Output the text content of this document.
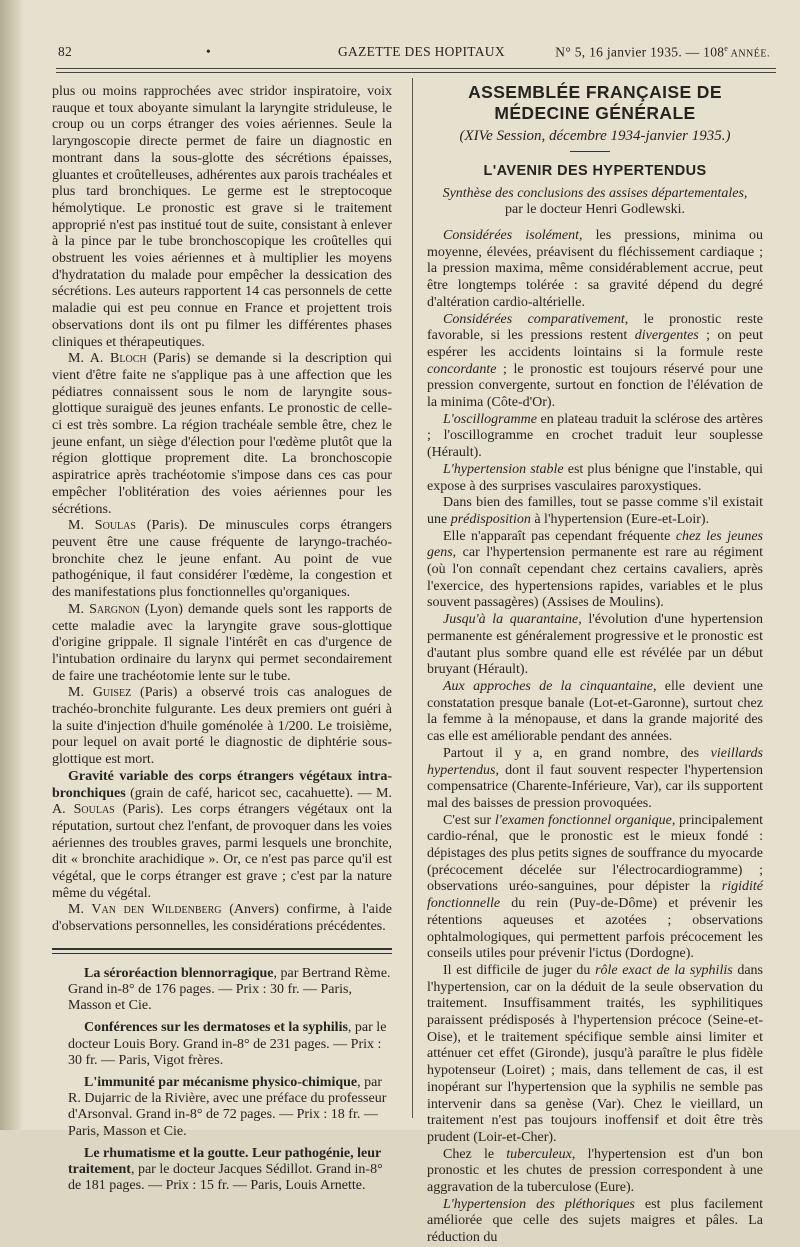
82	•	GAZETTE DES HOPITAUX	N° 5, 16 janvier 1935. — 108e ANNÉE.

plus ou moins rapprochées avec stridor inspiratoire, voix rauque et toux aboyante simulant la laryngite striduleuse, le croup ou un corps étranger des voies aériennes. Seule la laryngoscopie directe permet de faire un diagnostic en montrant dans la sous-glotte des sécrétions épaisses, gluantes et croûtelleuses, adhérentes aux parois trachéales et plus tard bronchiques. Le germe est le streptocoque hémolytique. Le pronostic est grave si le traitement approprié n'est pas institué tout de suite, consistant à enlever à la pince par le tube bronchoscopique les croûtelles qui obstruent les voies aériennes et à multiplier les moyens d'hydratation du malade pour empêcher la dessication des sécrétions. Les auteurs rapportent 14 cas personnels de cette maladie qui est peu connue en France et projettent trois observations dont ils ont pu filmer les différentes phases cliniques et thérapeutiques.

M. A. Bloch (Paris) se demande si la description qui vient d'être faite ne s'applique pas à une affection que les pédiatres connaissent sous le nom de laryngite sous-glottique suraiguë des jeunes enfants. Le pronostic de celle-ci est très sombre. La région trachéale semble être, chez le jeune enfant, un siège d'élection pour l'œdème plutôt que la région glottique proprement dite. La bronchoscopie aspiratrice après trachéotomie s'impose dans ces cas pour empêcher l'oblitération des voies aériennes pour les sécrétions.

M. Soulas (Paris). De minuscules corps étrangers peuvent être une cause fréquente de laryngo-trachéo-bronchite chez le jeune enfant. Au point de vue pathogénique, il faut considérer l'œdème, la congestion et des manifestations plus fonctionnelles qu'organiques.

M. Sargnon (Lyon) demande quels sont les rapports de cette maladie avec la laryngite grave sous-glottique d'origine grippale. Il signale l'intérêt en cas d'urgence de l'intubation ordinaire du larynx qui permet secondairement de faire une trachéotomie lente sur le tube.

M. Guisez (Paris) a observé trois cas analogues de trachéo-bronchite fulgurante. Les deux premiers ont guéri à la suite d'injection d'huile goménolée à 1/200. Le troisième, pour lequel on avait porté le diagnostic de diphtérie sous-glottique est mort.

Gravité variable des corps étrangers végétaux intra-bronchiques (grain de café, haricot sec, cacahuette). — M. A. Soulas (Paris). Les corps étrangers végétaux ont la réputation, surtout chez l'enfant, de provoquer dans les voies aériennes des troubles graves, parmi lesquels une bronchite, dit « bronchite arachidique ». Or, ce n'est pas parce qu'il est végétal, que le corps étranger est grave ; c'est par la nature même du végétal.

M. Van den Wildenberg (Anvers) confirme, à l'aide d'observations personnelles, les considérations précédentes.

La séroréaction blennorragique, par Bertrand Rème. Grand in-8° de 176 pages. — Prix : 30 fr. — Paris, Masson et Cie.

Conférences sur les dermatoses et la syphilis, par le docteur Louis Bory. Grand in-8° de 231 pages. — Prix : 30 fr. — Paris, Vigot frères.

L'immunité par mécanisme physico-chimique, par R. Dujarric de la Rivière, avec une préface du professeur d'Arsonval. Grand in-8° de 72 pages. — Prix : 18 fr. — Paris, Masson et Cie.

Le rhumatisme et la goutte. Leur pathogénie, leur traitement, par le docteur Jacques Sédillot. Grand in-8° de 181 pages. — Prix : 15 fr. — Paris, Louis Arnette.

ASSEMBLÉE FRANÇAISE DE MÉDECINE GÉNÉRALE
(XIVe Session, décembre 1934-janvier 1935.)
L'AVENIR DES HYPERTENDUS
Synthèse des conclusions des assises départementales,
par le docteur Henri Godlewski.

Considérées isolément, les pressions, minima ou moyenne, élevées, préavisent du fléchissement cardiaque ; la pression maxima, même considérablement accrue, peut être longtemps tolérée : sa gravité dépend du degré d'altération cardio-altérielle.

Considérées comparativement, le pronostic reste favorable, si les pressions restent divergentes ; on peut espérer les accidents lointains si la formule reste concordante ; le pronostic est toujours réservé pour une pression convergente, surtout en fonction de l'élévation de la minima (Côte-d'Or).

L'oscillogramme en plateau traduit la sclérose des artères ; l'oscillogramme en crochet traduit leur souplesse (Hérault).

L'hypertension stable est plus bénigne que l'instable, qui expose à des surprises vasculaires paroxystiques.

Dans bien des familles, tout se passe comme s'il existait une prédisposition à l'hypertension (Eure-et-Loir).

Elle n'apparaît pas cependant fréquente chez les jeunes gens, car l'hypertension permanente est rare au régiment (où l'on connaît cependant chez certains cavaliers, après l'exercice, des hypertensions rapides, variables et le plus souvent passagères) (Assises de Moulins).

Jusqu'à la quarantaine, l'évolution d'une hypertension permanente est généralement progressive et le pronostic est d'autant plus sombre quand elle est révélée par un début bruyant (Hérault).

Aux approches de la cinquantaine, elle devient une constatation presque banale (Lot-et-Garonne), surtout chez la femme à la ménopause, et dans la grande majorité des cas elle est améliorable pendant des années.

Partout il y a, en grand nombre, des vieillards hypertendus, dont il faut souvent respecter l'hypertension compensatrice (Charente-Inférieure, Var), car ils supportent mal des baisses de pression provoquées.

C'est sur l'examen fonctionnel organique, principalement cardio-rénal, que le pronostic est le mieux fondé : dépistages des plus petits signes de souffrance du myocarde (précocement décelée sur l'électrocardiogramme) ; observations uréo-sanguines, pour dépister la rigidité fonctionnelle du rein (Puy-de-Dôme) et prévenir les rétentions aqueuses et azotées ; observations ophtalmologiques, qui permettent parfois précocement les conseils utiles pour prévenir l'ictus (Dordogne).

Il est difficile de juger du rôle exact de la syphilis dans l'hypertension, car on la déduit de la seule observation du traitement. Insuffisamment traités, les syphilitiques paraissent prédisposés à l'hypertension précoce (Seine-et-Oise), et le traitement spécifique semble ainsi limiter et atténuer cet effet (Gironde), jusqu'à paraître le plus fidèle hypotenseur (Loiret) ; mais, dans tellement de cas, il est inopérant sur l'hypertension que la syphilis ne semble pas intervenir dans sa genèse (Var). Chez le vieillard, un traitement n'est pas toujours inoffensif et doit être très prudent (Loir-et-Cher).

Chez le tuberculeux, l'hypertension est d'un bon pronostic et les chutes de pression correspondent à une aggravation de la tuberculose (Eure).

L'hypertension des pléthoriques est plus facilement améliorée que celle des sujets maigres et pâles. La réduction du
